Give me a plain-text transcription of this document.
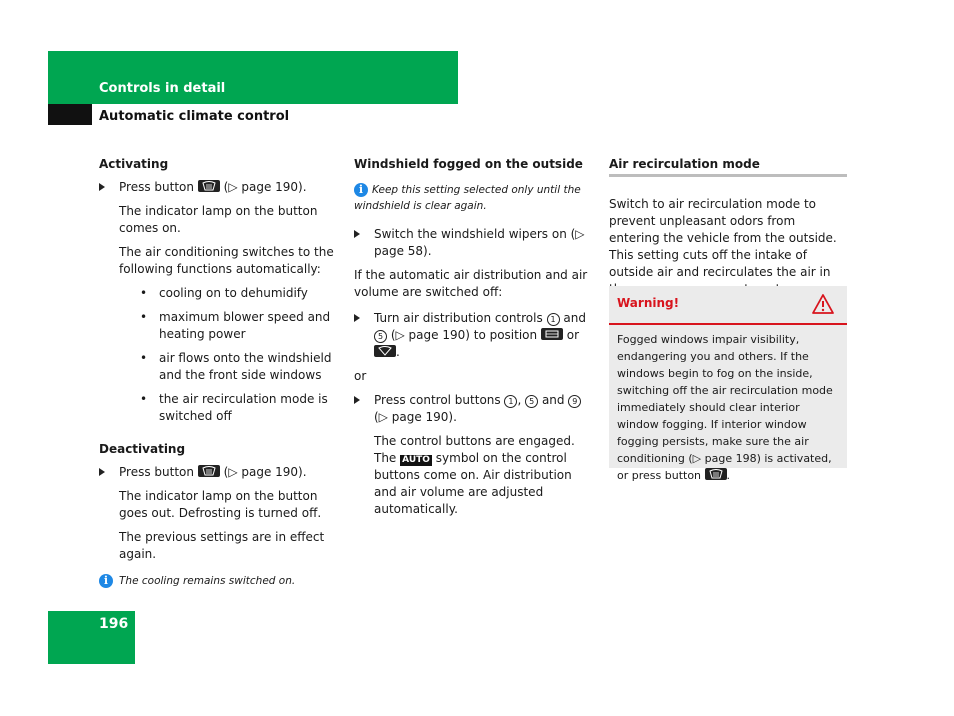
Controls in detail
Automatic climate control
196
Activating
Press button (▷ page 190).
The indicator lamp on the button comes on.
The air conditioning switches to the following functions automatically:
• cooling on to dehumidify
• maximum blower speed and heating power
• air flows onto the windshield and the front side windows
• the air recirculation mode is switched off
Deactivating
Press button (▷ page 190).
The indicator lamp on the button goes out. Defrosting is turned off.
The previous settings are in effect again.
i	The cooling remains switched on.
Windshield fogged on the outside
i Keep this setting selected only until the windshield is clear again.
Switch the windshield wipers on (▷ page 58).
If the automatic air distribution and air volume are switched off:
Turn air distribution controls 1 and 5 (▷ page 190) to position or
.
or
Press control buttons 1 , 5 and 9 (▷ page 190).
The control buttons are engaged.
The AUTO symbol on the control buttons come on. Air distribution and air volume are adjusted automatically.
Air recirculation mode
Switch to air recirculation mode to prevent unpleasant odors from entering the vehicle from the outside. This setting cuts off the intake of outside air and recirculates the air in
Warning!
Fogged windows impair visibility, endangering you and others. If the windows begin to fog on the inside, switching off the air recirculation mode immediately should clear interior window fogging. If interior window fogging persists, make sure the air conditioning (▷ page 198) is activated, or press button .
